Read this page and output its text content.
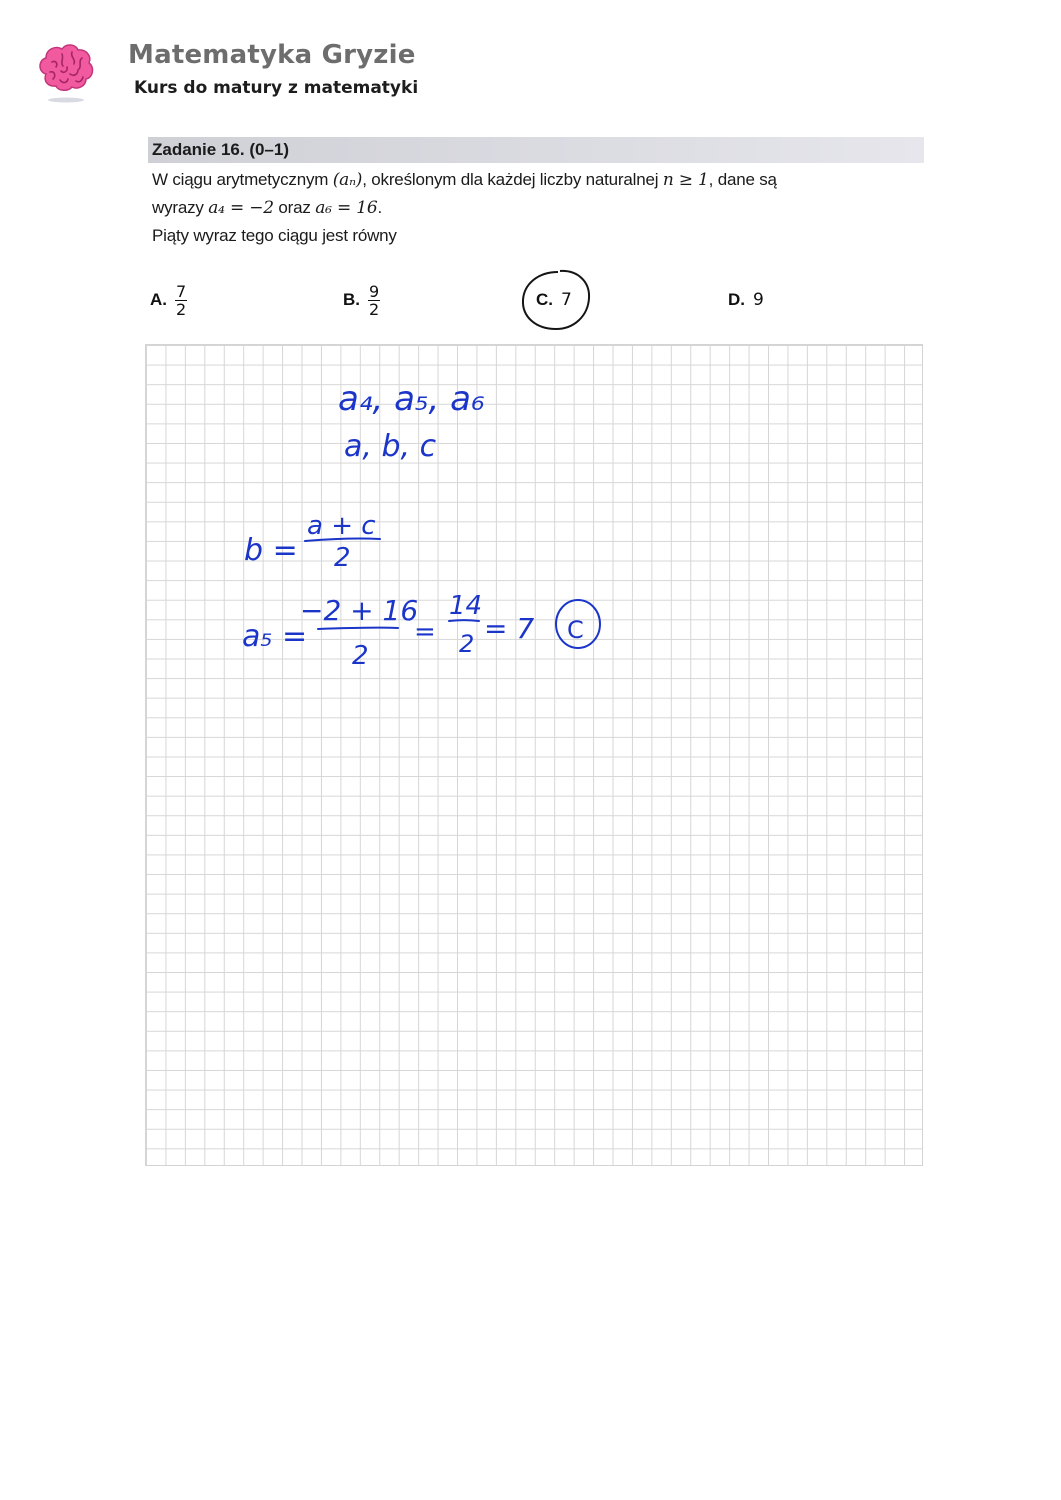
Matematyka Gryzie
Kurs do matury z matematyki
Zadanie 16. (0–1)
W ciągu arytmetycznym (aₙ), określonym dla każdej liczby naturalnej n ≥ 1, dane są
wyrazy a₄ = −2 oraz a₆ = 16.
Piąty wyraz tego ciągu jest równy
A. $\frac{7}{2}$	B. $\frac{9}{2}$	C. 7	D. 9
a₄, a₅, a₆
a, b, c
b =
a + c
2
a₅ =
−2 + 16
2
=
14
2 = 7 C
